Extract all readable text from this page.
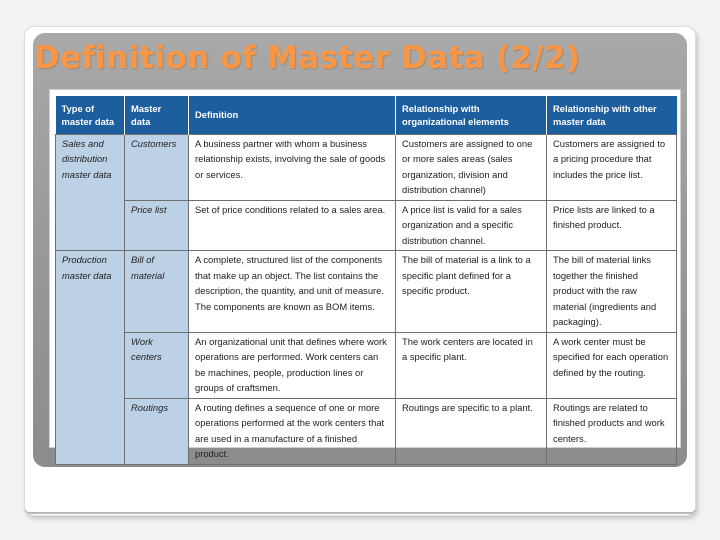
Definition of Master Data (2/2)
Type of master data	Master data	Definition	Relationship with organizational elements	Relationship with other master data
Sales and distribution master data	Customers	A business partner with whom a business relationship exists, involving the sale of goods or services.	Customers are assigned to one or more sales areas (sales organization, division and distribution channel)	Customers are assigned to a pricing procedure that includes the price list.
	Price list	Set of price conditions related to a sales area.	A price list is valid for a sales organization and a specific distribution channel.	Price lists are linked to a finished product.
Production master data	Bill of material	A complete, structured list of the components that make up an object. The list contains the description, the quantity, and unit of measure. The components are known as BOM items.	The bill of material is a link to a specific plant defined for a specific product.	The bill of material links together the finished product with the raw material (ingredients and packaging).
	Work centers	An organizational unit that defines where work operations are performed. Work centers can be machines, people, production lines or groups of craftsmen.	The work centers are located in a specific plant.	A work center must be specified for each operation defined by the routing.
	Routings	A routing defines a sequence of one or more operations performed at the work centers that are used in a manufacture of a finished product.	Routings are specific to a plant.	Routings are related to finished products and work centers.
